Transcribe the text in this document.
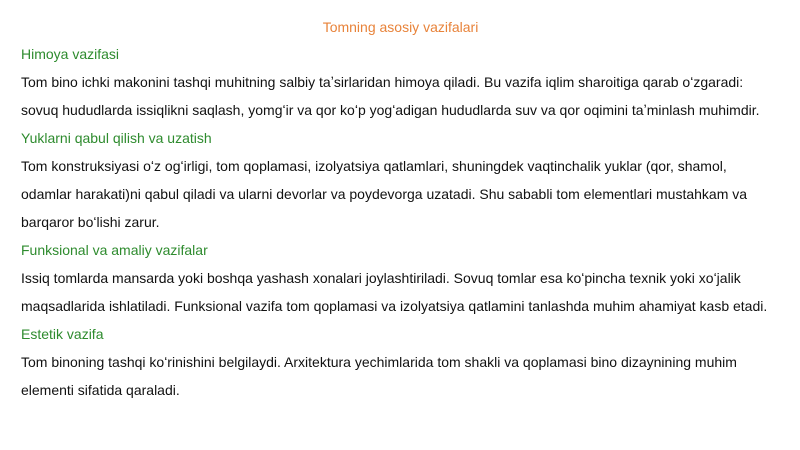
Tomning asosiy vazifalari
Himoya vazifasi

Tom bino ichki makonini tashqi muhitning salbiy taʼsirlaridan himoya qiladi. Bu vazifa iqlim sharoitiga qarab oʻzgaradi: sovuq hududlarda issiqlikni saqlash, yomgʻir va qor koʻp yogʻadigan hududlarda suv va qor oqimini taʼminlash muhimdir.

Yuklarni qabul qilish va uzatish

Tom konstruksiyasi oʻz ogʻirligi, tom qoplamasi, izolyatsiya qatlamlari, shuningdek vaqtinchalik yuklar (qor, shamol, odamlar harakati)ni qabul qiladi va ularni devorlar va poydevorga uzatadi. Shu sababli tom elementlari mustahkam va barqaror boʻlishi zarur.

Funksional va amaliy vazifalar

Issiq tomlarda mansarda yoki boshqa yashash xonalari joylashtiriladi. Sovuq tomlar esa koʻpincha texnik yoki xoʻjalik maqsadlarida ishlatiladi. Funksional vazifa tom qoplamasi va izolyatsiya qatlamini tanlashda muhim ahamiyat kasb etadi.

Estetik vazifa

Tom binoning tashqi koʻrinishini belgilaydi. Arxitektura yechimlarida tom shakli va qoplamasi bino dizaynining muhim elementi sifatida qaraladi.
